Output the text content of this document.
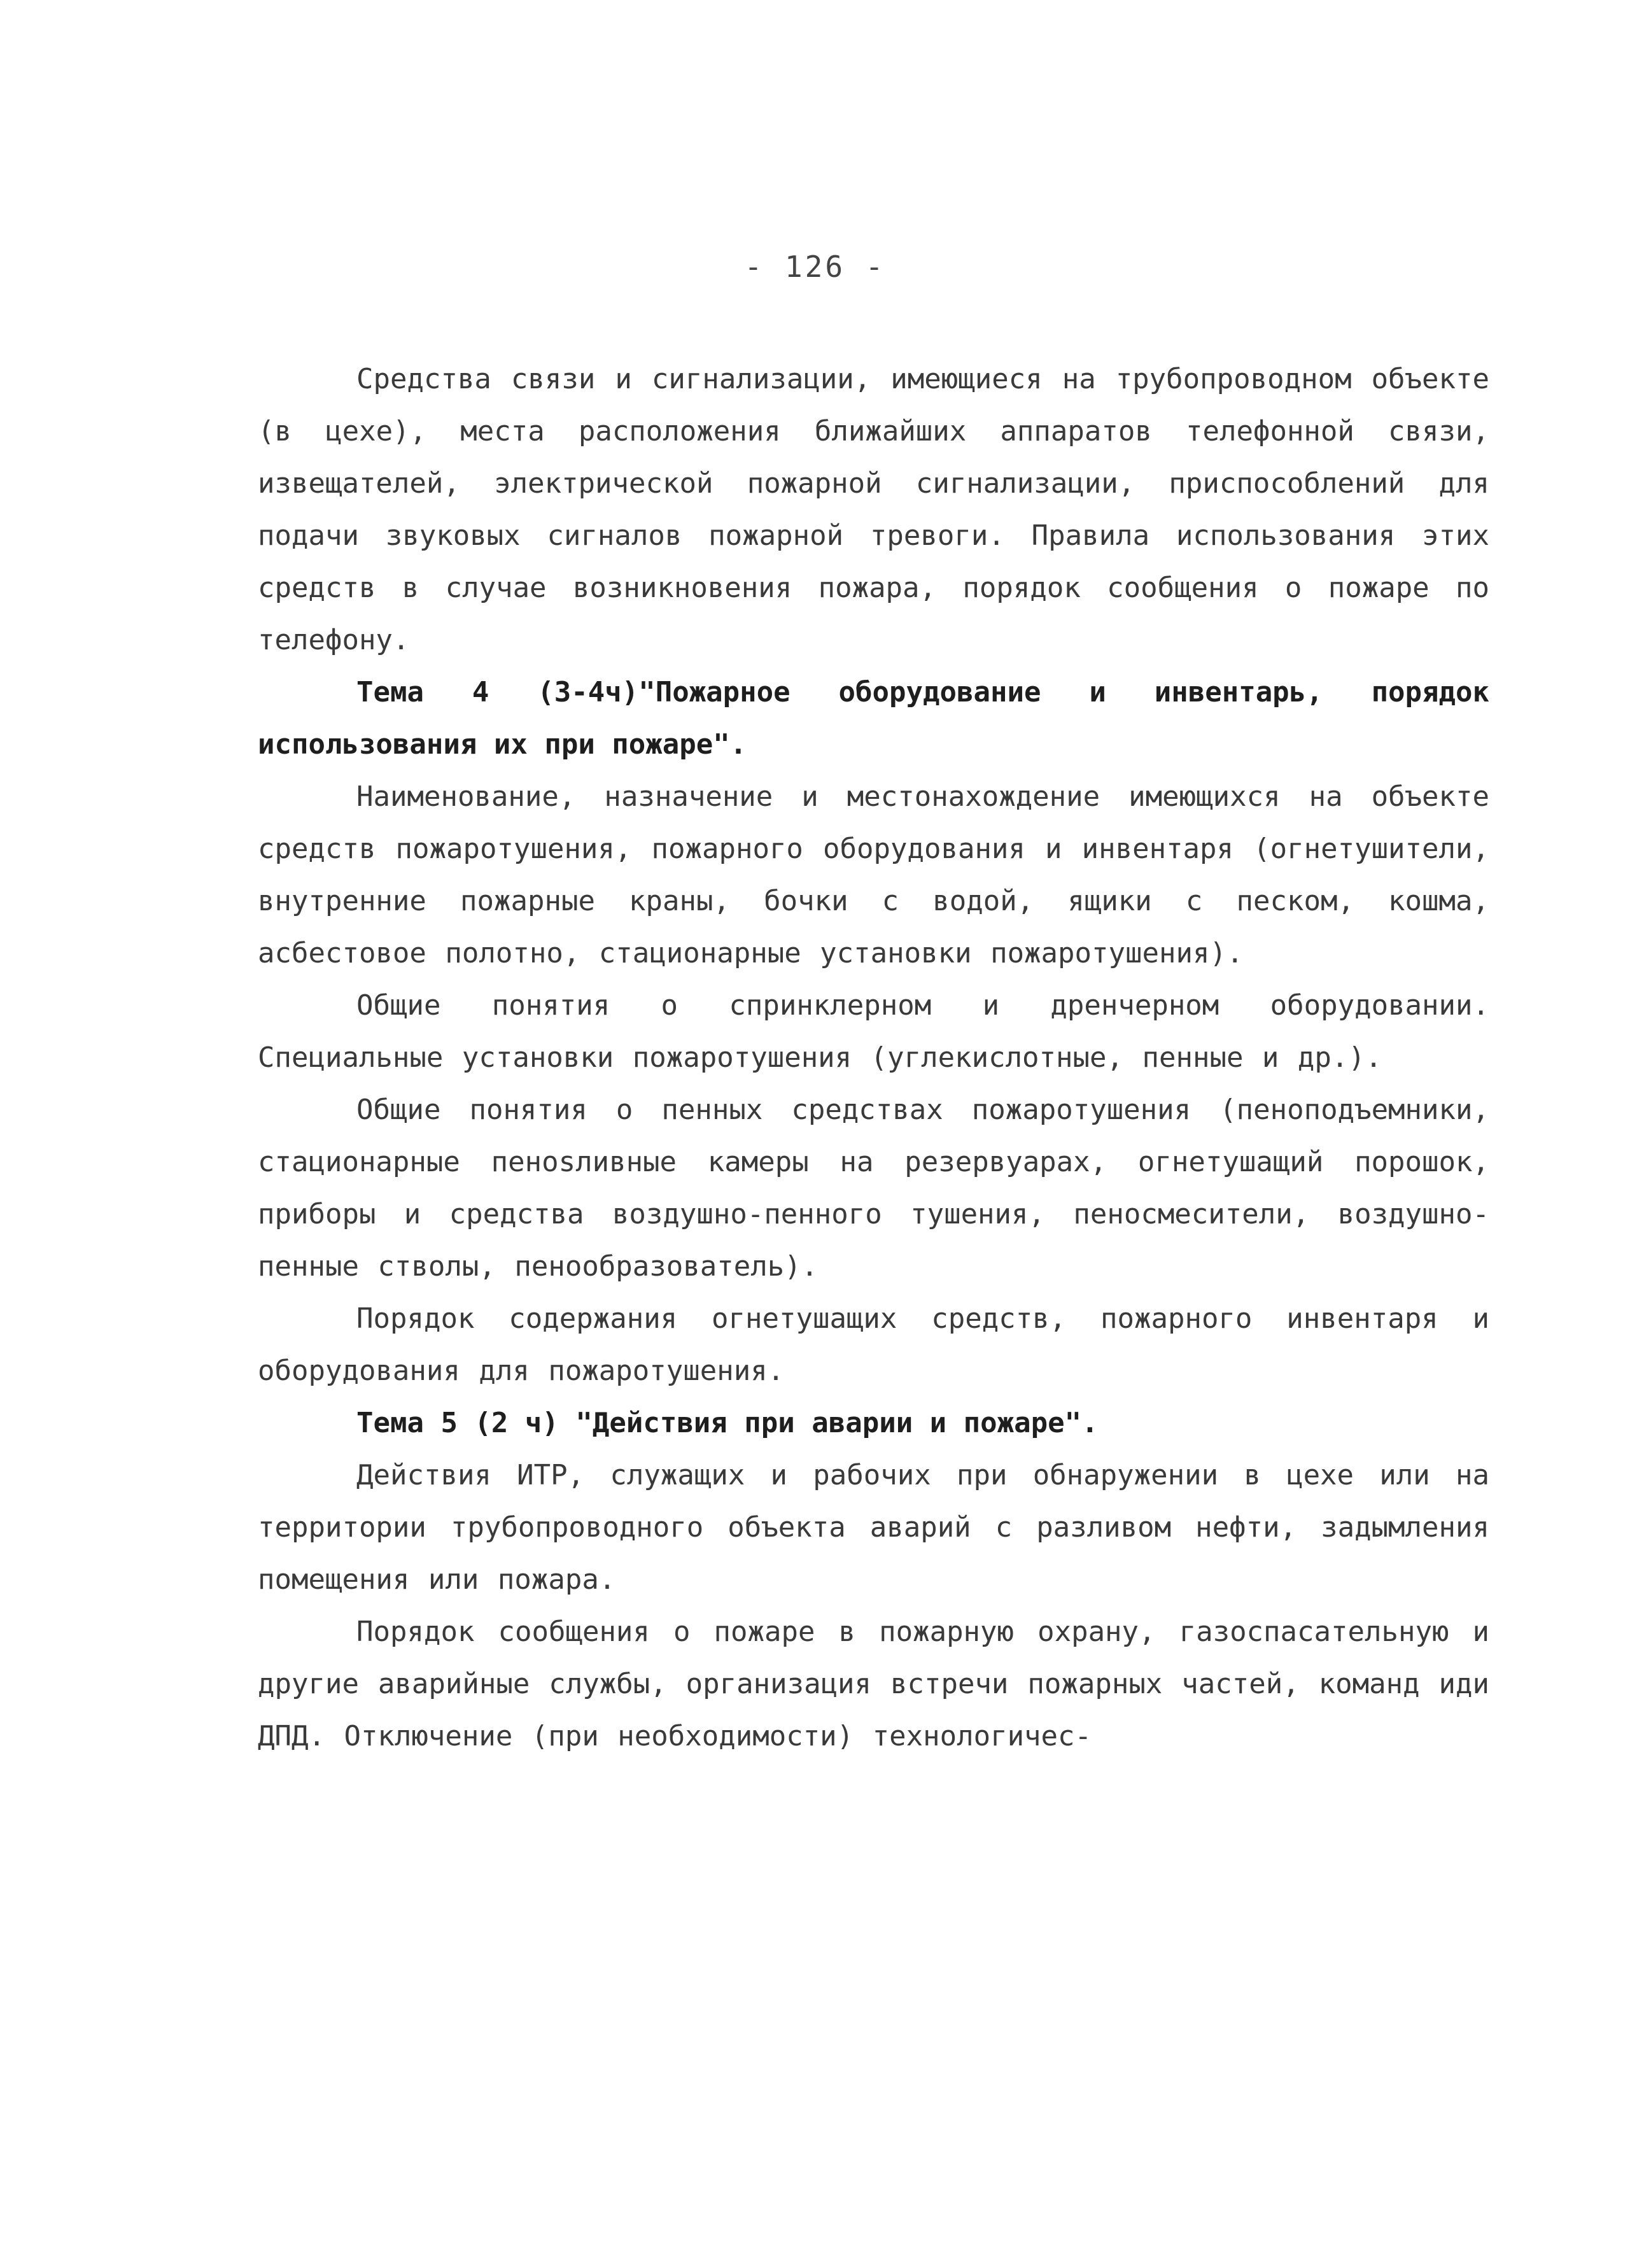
- 126 -

Средства связи и сигнализации, имеющиеся на трубопроводном объекте (в цехе), места расположения ближайших аппаратов телефонной связи, извещателей, электрической пожарной сигнализации, приспособлений для подачи звуковых сигналов пожарной тревоги. Правила использования этих средств в случае возникновения пожара, порядок сообщения о пожаре по телефону.

Тема 4 (3-4ч)"Пожарное оборудование и инвентарь, порядок использования их при пожаре".

Наименование, назначение и местонахождение имеющихся на объекте средств пожаротушения, пожарного оборудования и инвентаря (огнетушители, внутренние пожарные краны, бочки с водой, ящики с песком, кошма, асбестовое полотно, стационарные установки пожаротушения).

Общие понятия о спринклерном и дренчерном оборудовании. Специальные установки пожаротушения (углекислотные, пенные и др.).

Общие понятия о пенных средствах пожаротушения (пеноподъемники, стационарные пенosливные камеры на резервуарах, огнетушащий порошок, приборы и средства воздушно-пенного тушения, пеносмесители, воздушно-пенные стволы, пенообразователь).

Порядок содержания огнетушащих средств, пожарного инвентаря и оборудования для пожаротушения.

Тема 5 (2 ч) "Действия при аварии и пожаре".

Действия ИТР, служащих и рабочих при обнаружении в цехе или на территории трубопроводного объекта аварий с разливом нефти, задымления помещения или пожара.

Порядок сообщения о пожаре в пожарную охрану, газоспасательную и другие аварийные службы, организация встречи пожарных частей, команд иди ДПД. Отключение (при необходимости) технологичес-
